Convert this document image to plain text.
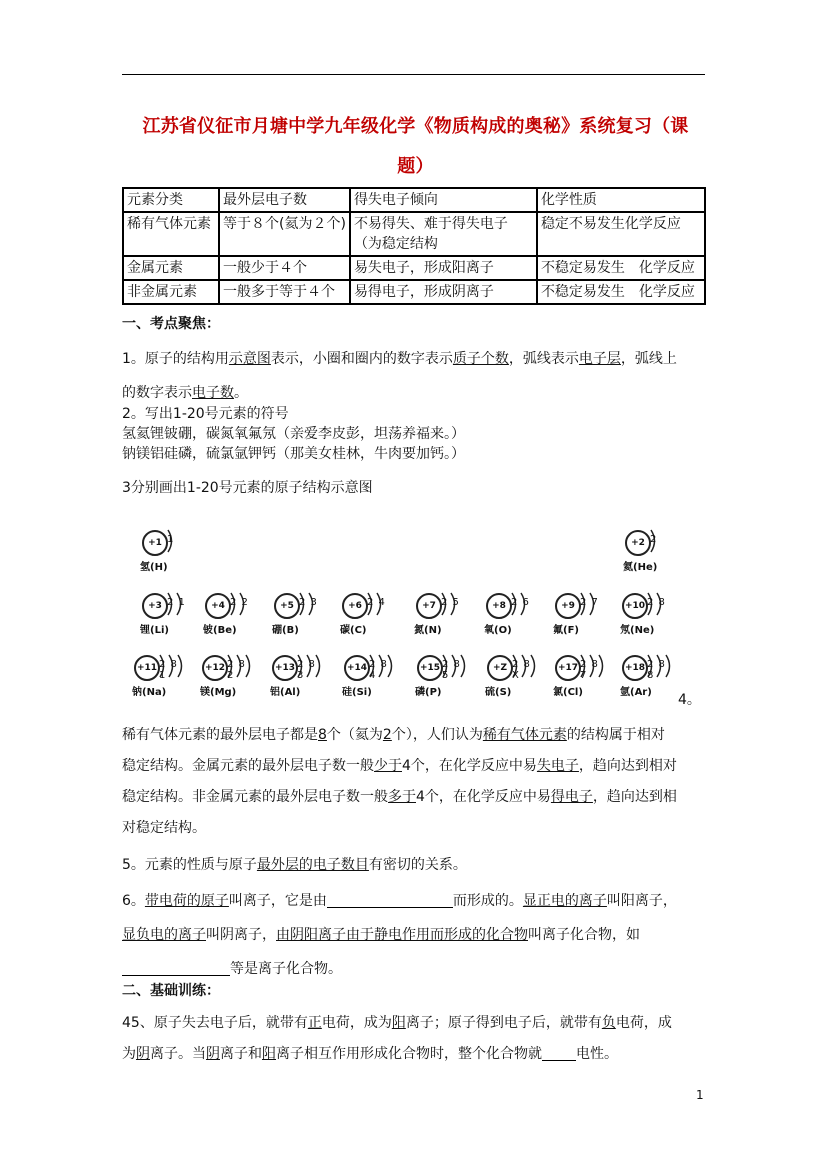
江苏省仪征市月塘中学九年级化学《物质构成的奥秘》系统复习（课
题）
元素分类	最外层电子数	得失电子倾向	化学性质
稀有气体元素	等于８个(氦为２个)	不易得失、难于得失电子（为稳定结构	稳定不易发生化学反应
金属元素	一般少于４个	易失电子，形成阳离子	不稳定易发生　化学反应
非金属元素	一般多于等于４个	易得电子，形成阴离子	不稳定易发生　化学反应
一、考点聚焦：
1。原子的结构用示意图表示，小圈和圈内的数字表示质子个数，弧线表示电子层，弧线上
的数字表示电子数。
2。写出1-20号元素的符号
氢氦锂铍硼，碳氮氧氟氖（亲爱李皮彭，坦荡养福来。）
钠镁铝硅磷，硫氯氩钾钙（那美女桂林，牛肉要加钙。）
3分别画出1-20号元素的原子结构示意图
+1 1
氢(H)
+2 2
氦(He)
+3 2 1
锂(Li)
+4 2 2
铍(Be)
+5 2 3
硼(B)
+6 2 4
碳(C)
+7 2 5
氮(N)
+8 2 6
氧(O)
+9 2 7
氟(F)
+10 2 8
氖(Ne)
+11 2 8 1
钠(Na)
+12 2 8 2
镁(Mg)
+13 2 8 3
铝(Al)
+14 2 8 4
硅(Si)
+15 2 8 5
磷(P)
+Z 2 8 X
硫(S)
+17 2 8 7
氯(Cl)
+18 2 8 8
氩(Ar) 4。
稀有气体元素的最外层电子都是8个（氦为2个），人们认为稀有气体元素的结构属于相对
稳定结构。金属元素的最外层电子数一般少于4个，在化学反应中易失电子，趋向达到相对
稳定结构。非金属元素的最外层电子数一般多于4个，在化学反应中易得电子，趋向达到相
对稳定结构。
5。元素的性质与原子最外层的电子数目有密切的关系。
6。带电荷的原子叫离子，它是由	而形成的。显正电的离子叫阳离子，
显负电的离子叫阴离子，由阴阳离子由于静电作用而形成的化合物叫离子化合物，如
等是离子化合物。
二、基础训练：
45、原子失去电子后，就带有正电荷，成为阳离子；原子得到电子后，就带有负电荷，成
为阴离子。当阴离子和阳离子相互作用形成化合物时，整个化合物就 电性。
1
